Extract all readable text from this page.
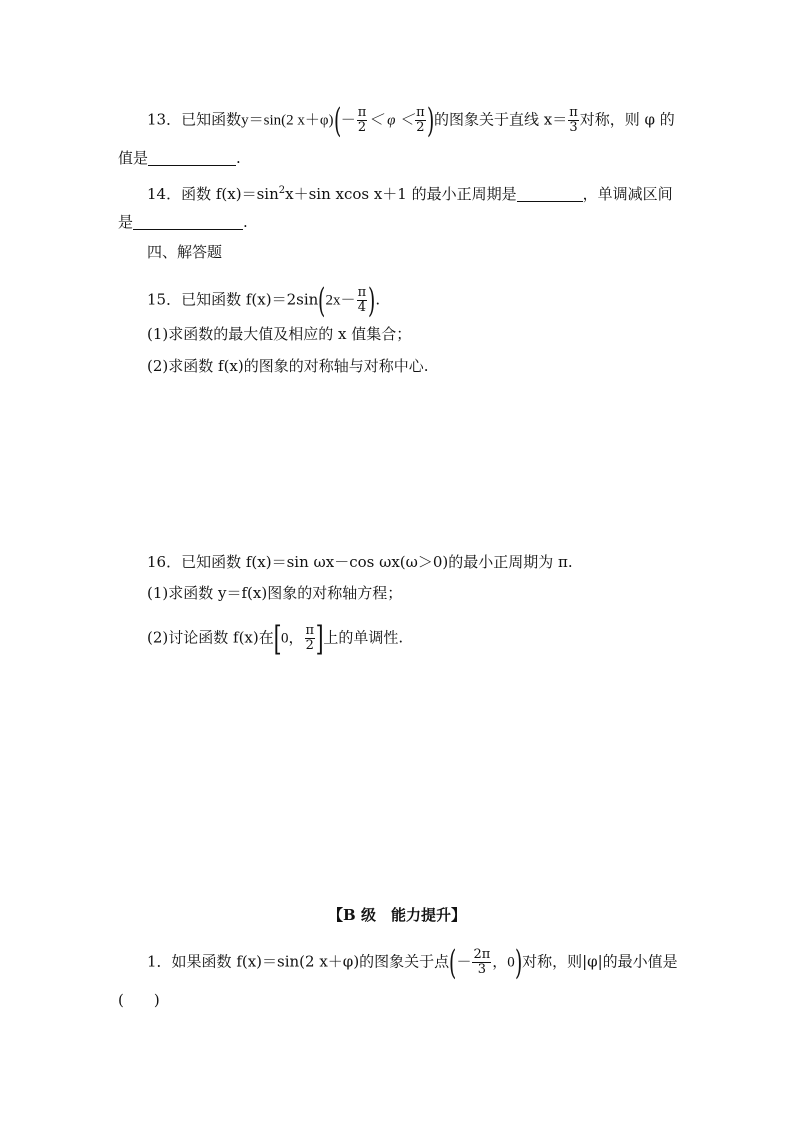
13．已知函数y＝sin(2 $x+\varphi)(- \frac{\pi}{2} < \varphi < \frac{\pi}{2}$ )的图象关于直线 $x= \frac{\pi}{3}$ 对称，则 φ 的
值是	.
14．函数 $f(x)=\sin^2x+\sin$ xcos x＋1 的最小正周期是	，单调减区间
是	.
四、解答题
15．已知函数 $f(x)=2\sin(2x- \frac{\pi}{4}$ ).
(1)求函数的最大值及相应的 x 值集合；
(2)求函数 f(x)的图象的对称轴与对称中心.
16．已知函数 f(x)＝sin ωx－cos ωx(ω＞0)的最小正周期为 π.
(1)求函数 y＝f(x)图象的对称轴方程；
(2)讨论函数 f(x)在[0， $\frac{\pi}{2}$ ]上的单调性.
【B 级　能力提升】
1．如果函数 f(x)＝sin(2 x＋φ)的图象关于点(－ $\frac{2\pi}{3}$ ，0)对称，则|φ|的最小值是
(　　)
